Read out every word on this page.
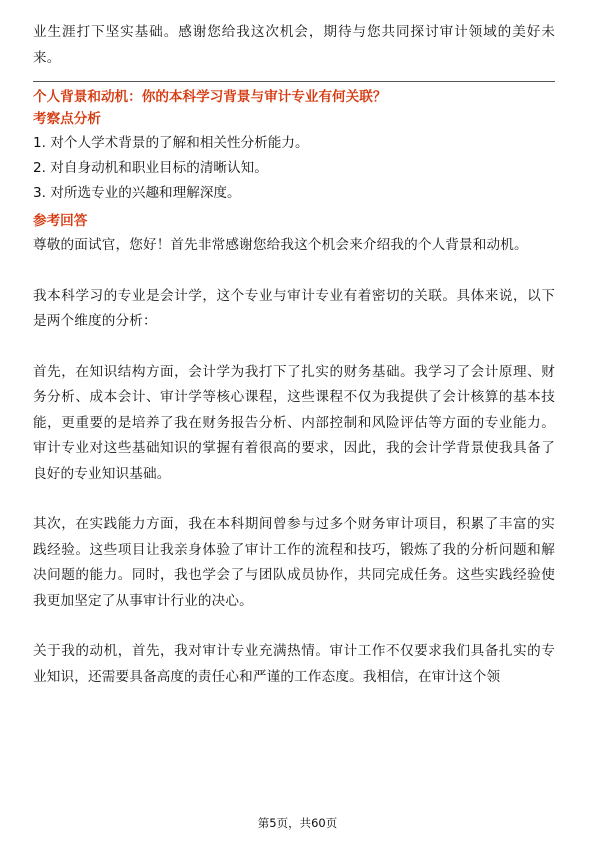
业生涯打下坚实基础。感谢您给我这次机会，期待与您共同探讨审计领域的美好未来。

个人背景和动机：你的本科学习背景与审计专业有何关联？

考察点分析

1. 对个人学术背景的了解和相关性分析能力。

2. 对自身动机和职业目标的清晰认知。

3. 对所选专业的兴趣和理解深度。

参考回答

尊敬的面试官，您好！首先非常感谢您给我这个机会来介绍我的个人背景和动机。

我本科学习的专业是会计学，这个专业与审计专业有着密切的关联。具体来说，以下是两个维度的分析：

首先，在知识结构方面，会计学为我打下了扎实的财务基础。我学习了会计原理、财务分析、成本会计、审计学等核心课程，这些课程不仅为我提供了会计核算的基本技能，更重要的是培养了我在财务报告分析、内部控制和风险评估等方面的专业能力。审计专业对这些基础知识的掌握有着很高的要求，因此，我的会计学背景使我具备了良好的专业知识基础。

其次，在实践能力方面，我在本科期间曾参与过多个财务审计项目，积累了丰富的实践经验。这些项目让我亲身体验了审计工作的流程和技巧，锻炼了我的分析问题和解决问题的能力。同时，我也学会了与团队成员协作，共同完成任务。这些实践经验使我更加坚定了从事审计行业的决心。

关于我的动机，首先，我对审计专业充满热情。审计工作不仅要求我们具备扎实的专业知识，还需要具备高度的责任心和严谨的工作态度。我相信，在审计这个领

第5页，共60页
